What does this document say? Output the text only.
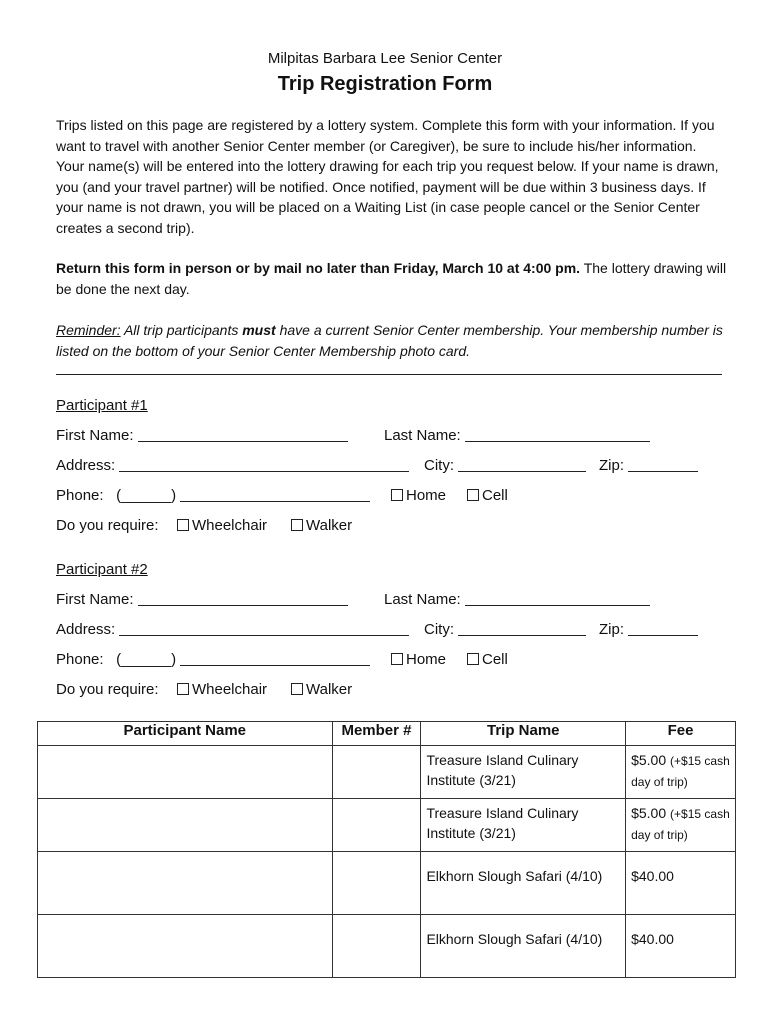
Milpitas Barbara Lee Senior Center
Trip Registration Form
Trips listed on this page are registered by a lottery system. Complete this form with your information. If you want to travel with another Senior Center member (or Caregiver), be sure to include his/her information. Your name(s) will be entered into the lottery drawing for each trip you request below. If your name is drawn, you (and your travel partner) will be notified. Once notified, payment will be due within 3 business days. If your name is not drawn, you will be placed on a Waiting List (in case people cancel or the Senior Center creates a second trip).
Return this form in person or by mail no later than Friday, March 10 at 4:00 pm. The lottery drawing will be done the next day.
Reminder: All trip participants must have a current Senior Center membership. Your membership number is listed on the bottom of your Senior Center Membership photo card.
Participant #1
First Name:	Last Name:
Address:	City:	Zip:
Phone: (______)	Home	Cell
Do you require:	Wheelchair	Walker
Participant #2
First Name:	Last Name:
Address:	City:	Zip:
Phone: (______)	Home	Cell
Do you require:	Wheelchair	Walker
Participant Name	Member #	Trip Name	Fee
		Treasure Island Culinary Institute (3/21)	$5.00 (+$15 cash day of trip)
		Treasure Island Culinary Institute (3/21)	$5.00 (+$15 cash day of trip)
		Elkhorn Slough Safari (4/10)	$40.00
		Elkhorn Slough Safari (4/10)	$40.00
